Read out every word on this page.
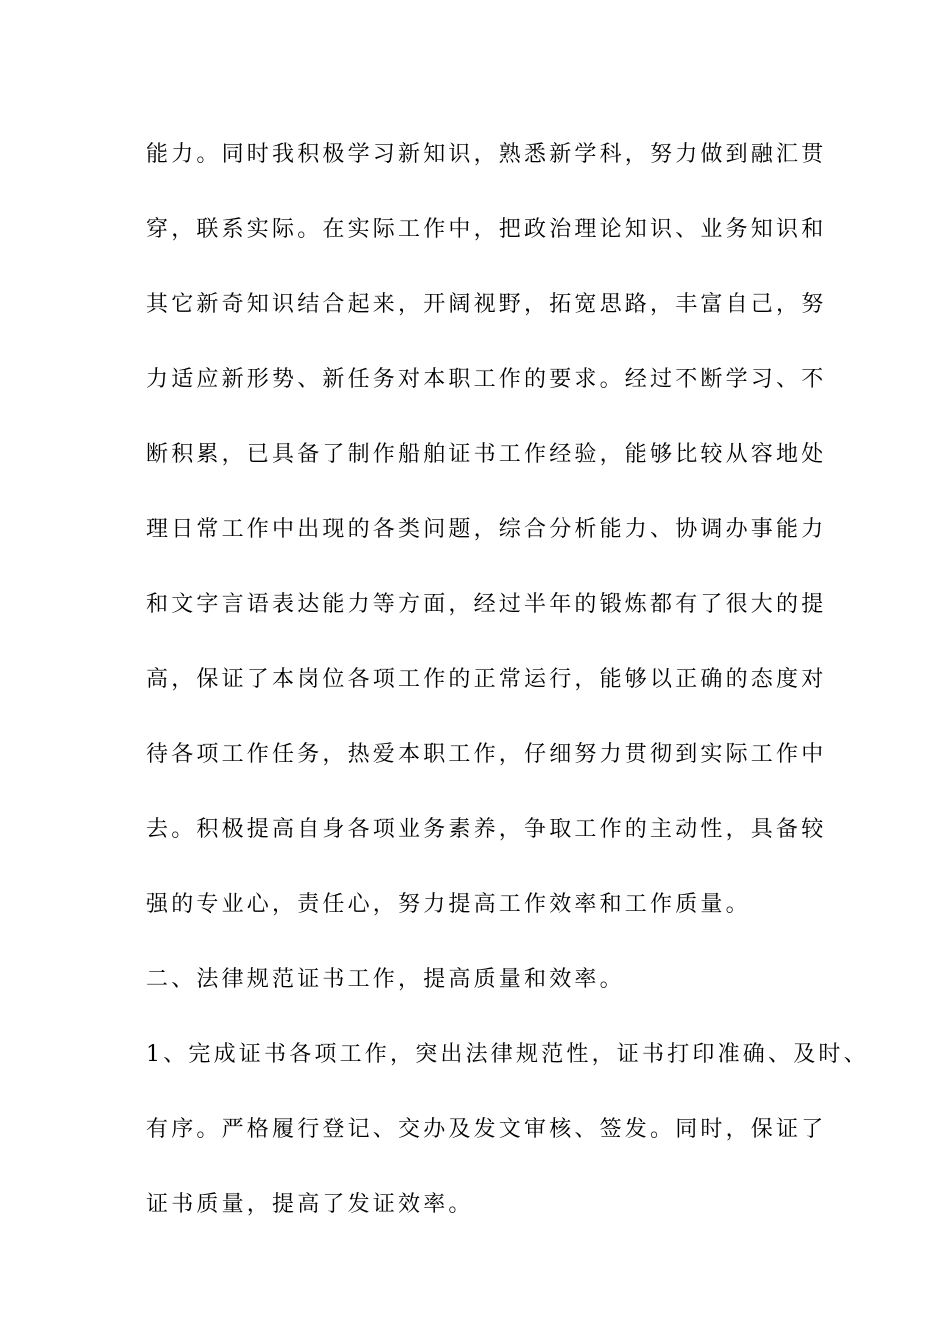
能力。同时我积极学习新知识，熟悉新学科，努力做到融汇贯
穿，联系实际。在实际工作中，把政治理论知识、业务知识和
其它新奇知识结合起来，开阔视野，拓宽思路，丰富自己，努
力适应新形势、新任务对本职工作的要求。经过不断学习、不
断积累，已具备了制作船舶证书工作经验，能够比较从容地处
理日常工作中出现的各类问题，综合分析能力、协调办事能力
和文字言语表达能力等方面，经过半年的锻炼都有了很大的提
高，保证了本岗位各项工作的正常运行，能够以正确的态度对
待各项工作任务，热爱本职工作，仔细努力贯彻到实际工作中
去。积极提高自身各项业务素养，争取工作的主动性，具备较
强的专业心，责任心，努力提高工作效率和工作质量。
二、法律规范证书工作，提高质量和效率。
1、完成证书各项工作，突出法律规范性，证书打印准确、及时、
有序。严格履行登记、交办及发文审核、签发。同时，保证了
证书质量，提高了发证效率。
